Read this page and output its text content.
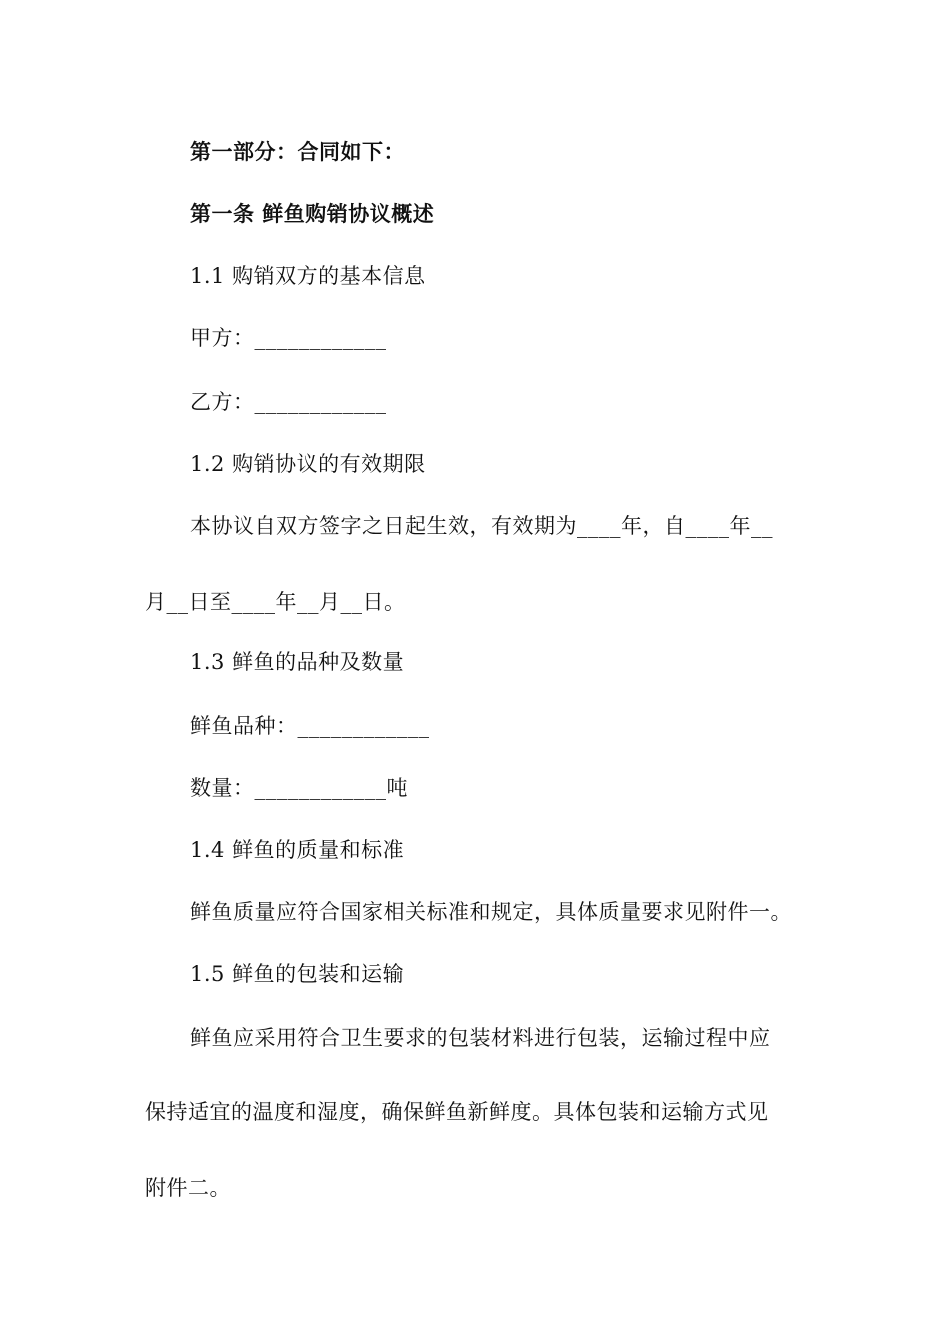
第一部分：合同如下：
第一条 鲜鱼购销协议概述
1.1 购销双方的基本信息
甲方：____________
乙方：____________
1.2 购销协议的有效期限
本协议自双方签字之日起生效，有效期为____年，自____年__
月__日至____年__月__日。
1.3 鲜鱼的品种及数量
鲜鱼品种：____________
数量：____________吨
1.4 鲜鱼的质量和标准
鲜鱼质量应符合国家相关标准和规定，具体质量要求见附件一。
1.5 鲜鱼的包装和运输
鲜鱼应采用符合卫生要求的包装材料进行包装，运输过程中应
保持适宜的温度和湿度，确保鲜鱼新鲜度。具体包装和运输方式见
附件二。
